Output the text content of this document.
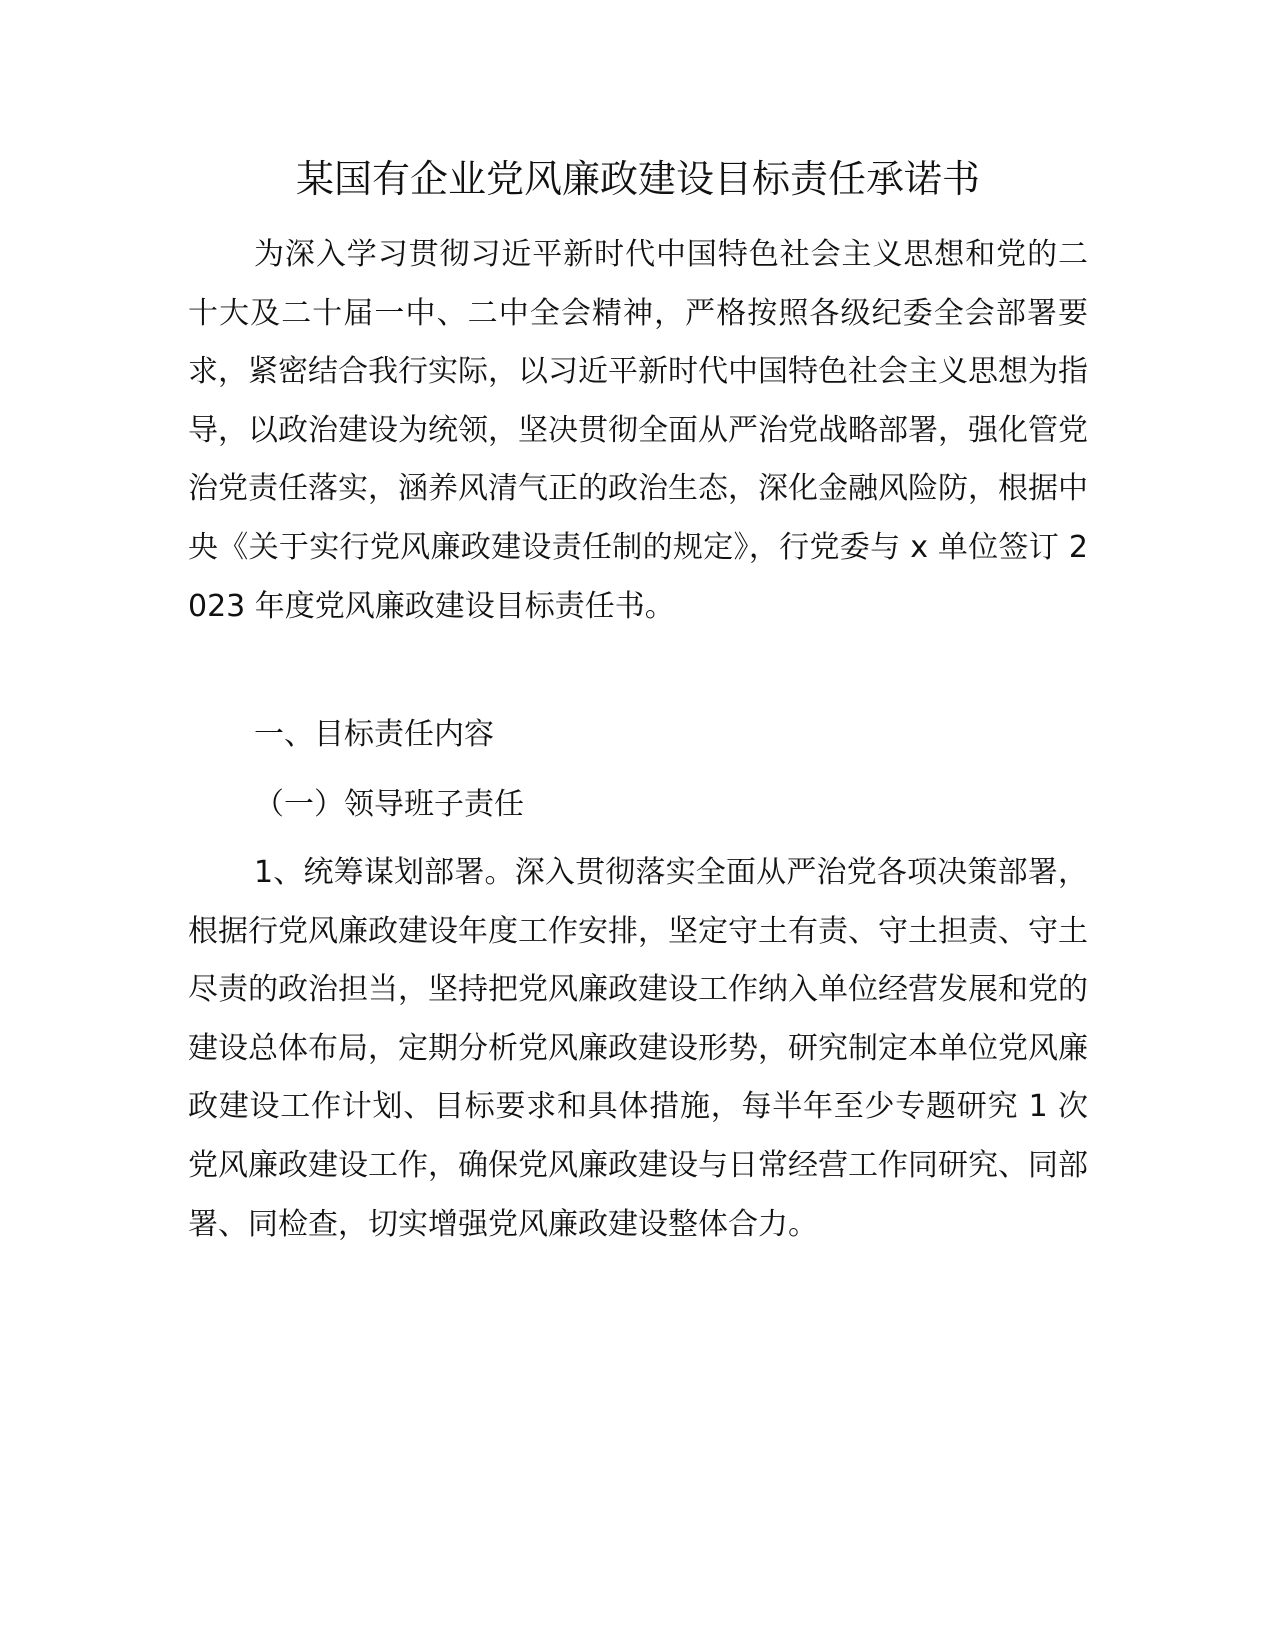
某国有企业党风廉政建设目标责任承诺书

为深入学习贯彻习近平新时代中国特色社会主义思想和党的二十大及二十届一中、二中全会精神，严格按照各级纪委全会部署要求，紧密结合我行实际，以习近平新时代中国特色社会主义思想为指导，以政治建设为统领，坚决贯彻全面从严治党战略部署，强化管党治党责任落实，涵养风清气正的政治生态，深化金融风险防，根据中央《关于实行党风廉政建设责任制的规定》，行党委与 x 单位签订 2023 年度党风廉政建设目标责任书。

一、目标责任内容

（一）领导班子责任

1、统筹谋划部署。深入贯彻落实全面从严治党各项决策部署，根据行党风廉政建设年度工作安排，坚定守土有责、守土担责、守土尽责的政治担当，坚持把党风廉政建设工作纳入单位经营发展和党的建设总体布局，定期分析党风廉政建设形势，研究制定本单位党风廉政建设工作计划、目标要求和具体措施，每半年至少专题研究 1 次党风廉政建设工作，确保党风廉政建设与日常经营工作同研究、同部署、同检查，切实增强党风廉政建设整体合力。
